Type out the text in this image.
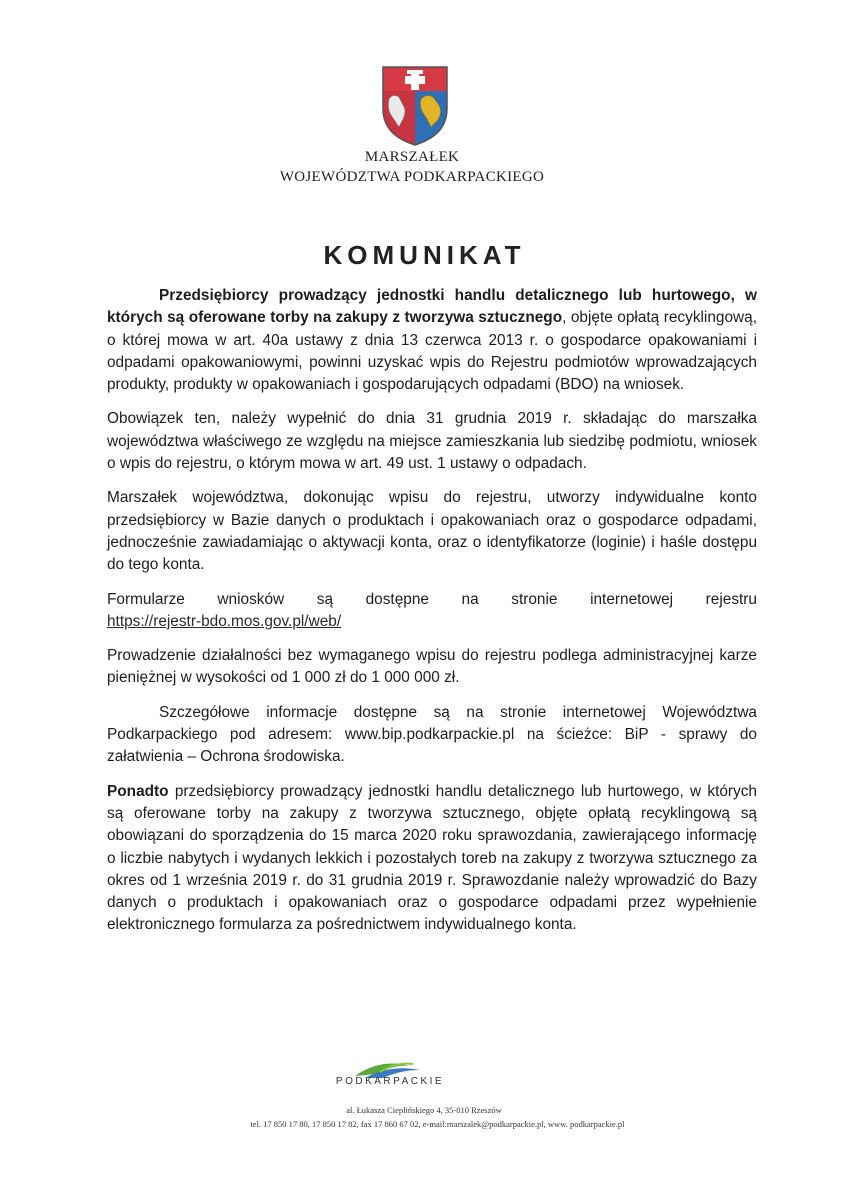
MARSZAŁEK
WOJEWÓDZTWA PODKARPACKIEGO
KOMUNIKAT

Przedsiębiorcy prowadzący jednostki handlu detalicznego lub hurtowego, w których są oferowane torby na zakupy z tworzywa sztucznego, objęte opłatą recyklingową, o której mowa w art. 40a ustawy z dnia 13 czerwca 2013 r. o gospodarce opakowaniami i odpadami opakowaniowymi, powinni uzyskać wpis do Rejestru podmiotów wprowadzających produkty, produkty w opakowaniach i gospodarujących odpadami (BDO) na wniosek.

Obowiązek ten, należy wypełnić do dnia 31 grudnia 2019 r. składając do marszałka województwa właściwego ze względu na miejsce zamieszkania lub siedzibę podmiotu, wniosek o wpis do rejestru, o którym mowa w art. 49 ust. 1 ustawy o odpadach.

Marszałek województwa, dokonując wpisu do rejestru, utworzy indywidualne konto przedsiębiorcy w Bazie danych o produktach i opakowaniach oraz o gospodarce odpadami, jednocześnie zawiadamiając o aktywacji konta, oraz o identyfikatorze (loginie) i haśle dostępu do tego konta.

Formularze wniosków są dostępne na stronie internetowej rejestru
https://rejestr-bdo.mos.gov.pl/web/

Prowadzenie działalności bez wymaganego wpisu do rejestru podlega administracyjnej karze pieniężnej w wysokości od 1 000 zł do 1 000 000 zł.

Szczegółowe informacje dostępne są na stronie internetowej Województwa Podkarpackiego pod adresem: www.bip.podkarpackie.pl na ścieżce: BiP - sprawy do załatwienia – Ochrona środowiska.

Ponadto przedsiębiorcy prowadzący jednostki handlu detalicznego lub hurtowego, w których są oferowane torby na zakupy z tworzywa sztucznego, objęte opłatą recyklingową są obowiązani do sporządzenia do 15 marca 2020 roku sprawozdania, zawierającego informację o liczbie nabytych i wydanych lekkich i pozostałych toreb na zakupy z tworzywa sztucznego za okres od 1 września 2019 r. do 31 grudnia 2019 r. Sprawozdanie należy wprowadzić do Bazy danych o produktach i opakowaniach oraz o gospodarce odpadami przez wypełnienie elektronicznego formularza za pośrednictwem indywidualnego konta.

PODKARPACKIE
al. Łukasza Cieplińskiego 4, 35-010 Rzeszów
tel. 17 850 17 80, 17 850 17 82, fax 17 860 67 02, e-mail:marszalek@podkarpackie.pl, www. podkarpackie.pl
